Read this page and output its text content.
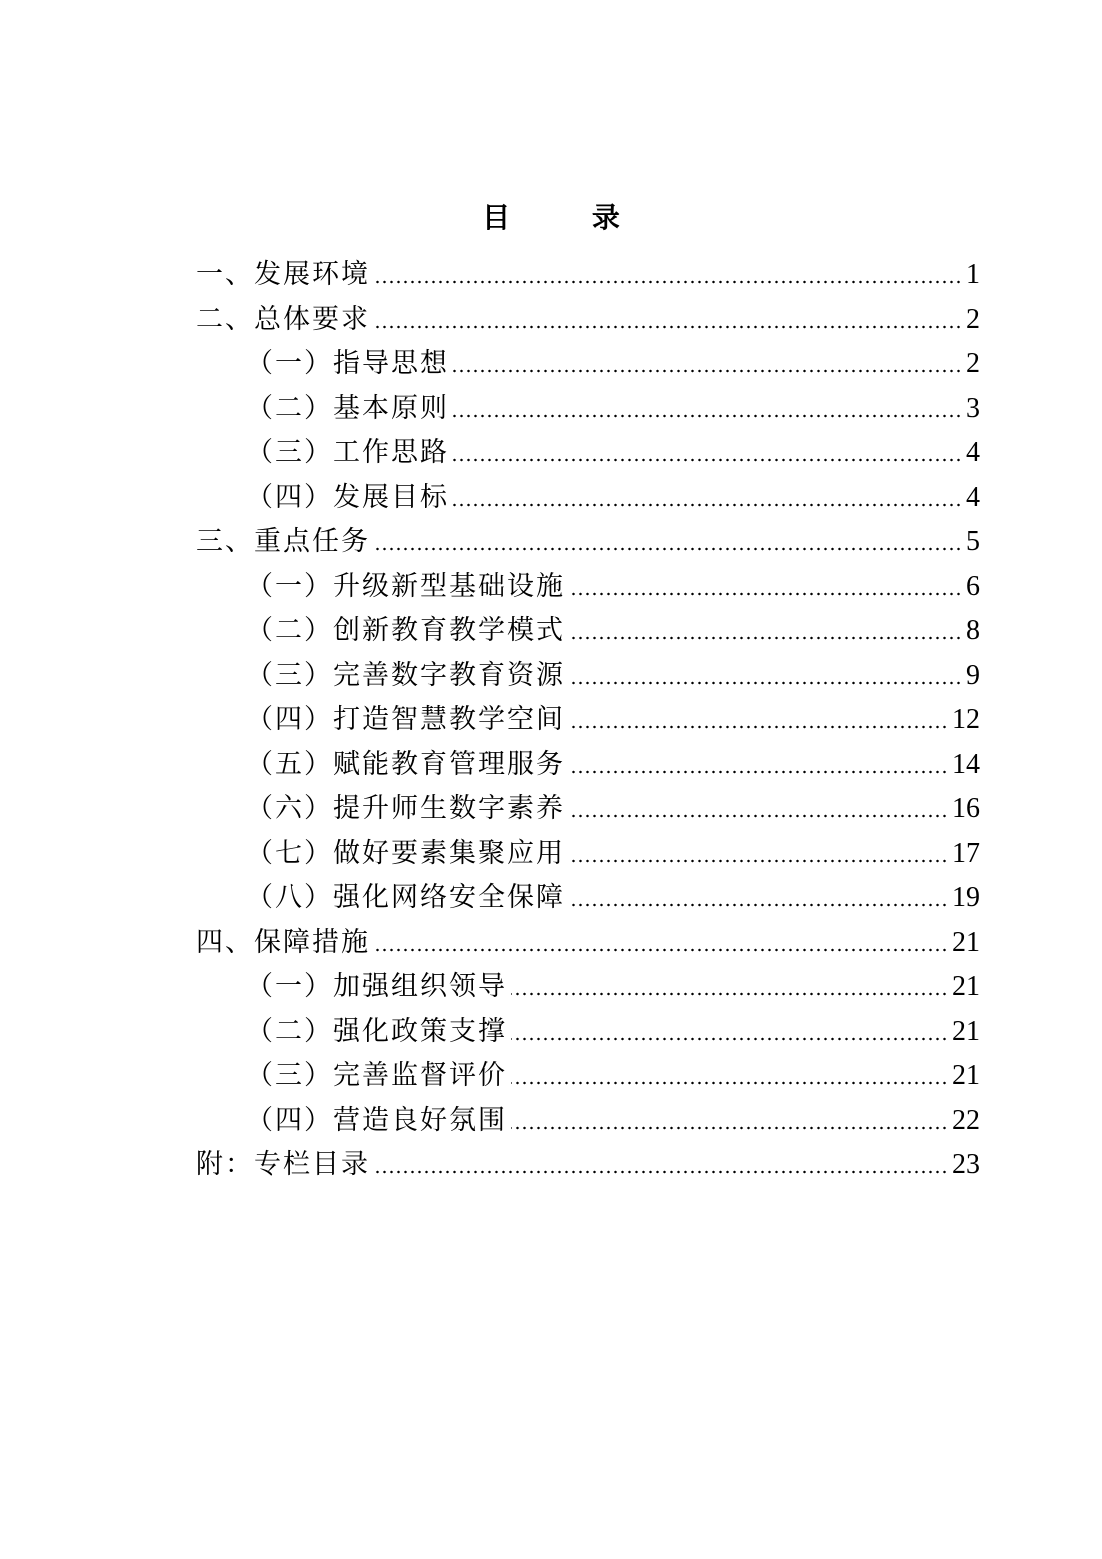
目 录
一、发展环境	1
二、总体要求	2
（一）指导思想	2
（二）基本原则	3
（三）工作思路	4
（四）发展目标	4
三、重点任务	5
（一）升级新型基础设施	6
（二）创新教育教学模式	8
（三）完善数字教育资源	9
（四）打造智慧教学空间	12
（五）赋能教育管理服务	14
（六）提升师生数字素养	16
（七）做好要素集聚应用	17
（八）强化网络安全保障	19
四、保障措施	21
（一）加强组织领导	21
（二）强化政策支撑	21
（三）完善监督评价	21
（四）营造良好氛围	22
附：专栏目录	23
